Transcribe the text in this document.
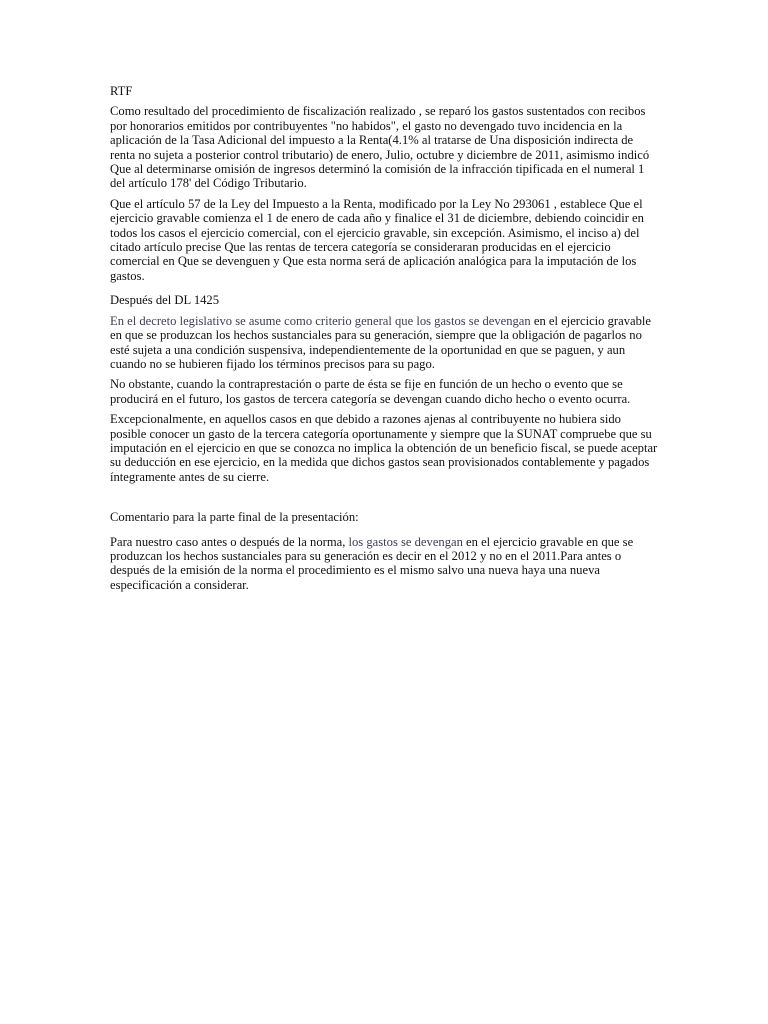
RTF

Como resultado del procedimiento de fiscalización realizado , se reparó los gastos sustentados con recibos por honorarios emitidos por contribuyentes "no habidos", el gasto no devengado tuvo incidencia en la aplicación de la Tasa Adicional del impuesto a la Renta(4.1% al tratarse de Una disposición indirecta de renta no sujeta a posterior control tributario) de enero, Julio, octubre y diciembre de 2011, asimismo indicó Que al determinarse omisión de ingresos determinó la comisión de la infracción tipificada en el numeral 1 del artículo 178' del Código Tributario.

Que el artículo 57 de la Ley del Impuesto a la Renta, modificado por la Ley No 293061 , establece Que el ejercicio gravable comienza el 1 de enero de cada año y finalice el 31 de diciembre, debiendo coincidir en todos los casos el ejercicio comercial, con el ejercicio gravable, sin excepción. Asimismo, el inciso a) del citado artículo precise Que las rentas de tercera categoría se consideraran producidas en el ejercicio comercial en Que se devenguen y Que esta norma será de aplicación analógica para la imputación de los gastos.

Después del DL 1425

En el decreto legislativo se asume como criterio general que los gastos se devengan en el ejercicio gravable en que se produzcan los hechos sustanciales para su generación, siempre que la obligación de pagarlos no esté sujeta a una condición suspensiva, independientemente de la oportunidad en que se paguen, y aun cuando no se hubieren fijado los términos precisos para su pago.

No obstante, cuando la contraprestación o parte de ésta se fije en función de un hecho o evento que se producirá en el futuro, los gastos de tercera categoría se devengan cuando dicho hecho o evento ocurra.

Excepcionalmente, en aquellos casos en que debido a razones ajenas al contribuyente no hubiera sido posible conocer un gasto de la tercera categoría oportunamente y siempre que la SUNAT compruebe que su imputación en el ejercicio en que se conozca no implica la obtención de un beneficio fiscal, se puede aceptar su deducción en ese ejercicio, en la medida que dichos gastos sean provisionados contablemente y pagados íntegramente antes de su cierre.

Comentario para la parte final de la presentación:

Para nuestro caso antes o después de la norma, los gastos se devengan en el ejercicio gravable en que se produzcan los hechos sustanciales para su generación es decir en el 2012 y no en el 2011.Para antes o después de la emisión de la norma el procedimiento es el mismo salvo una nueva haya una nueva especificación a considerar.
